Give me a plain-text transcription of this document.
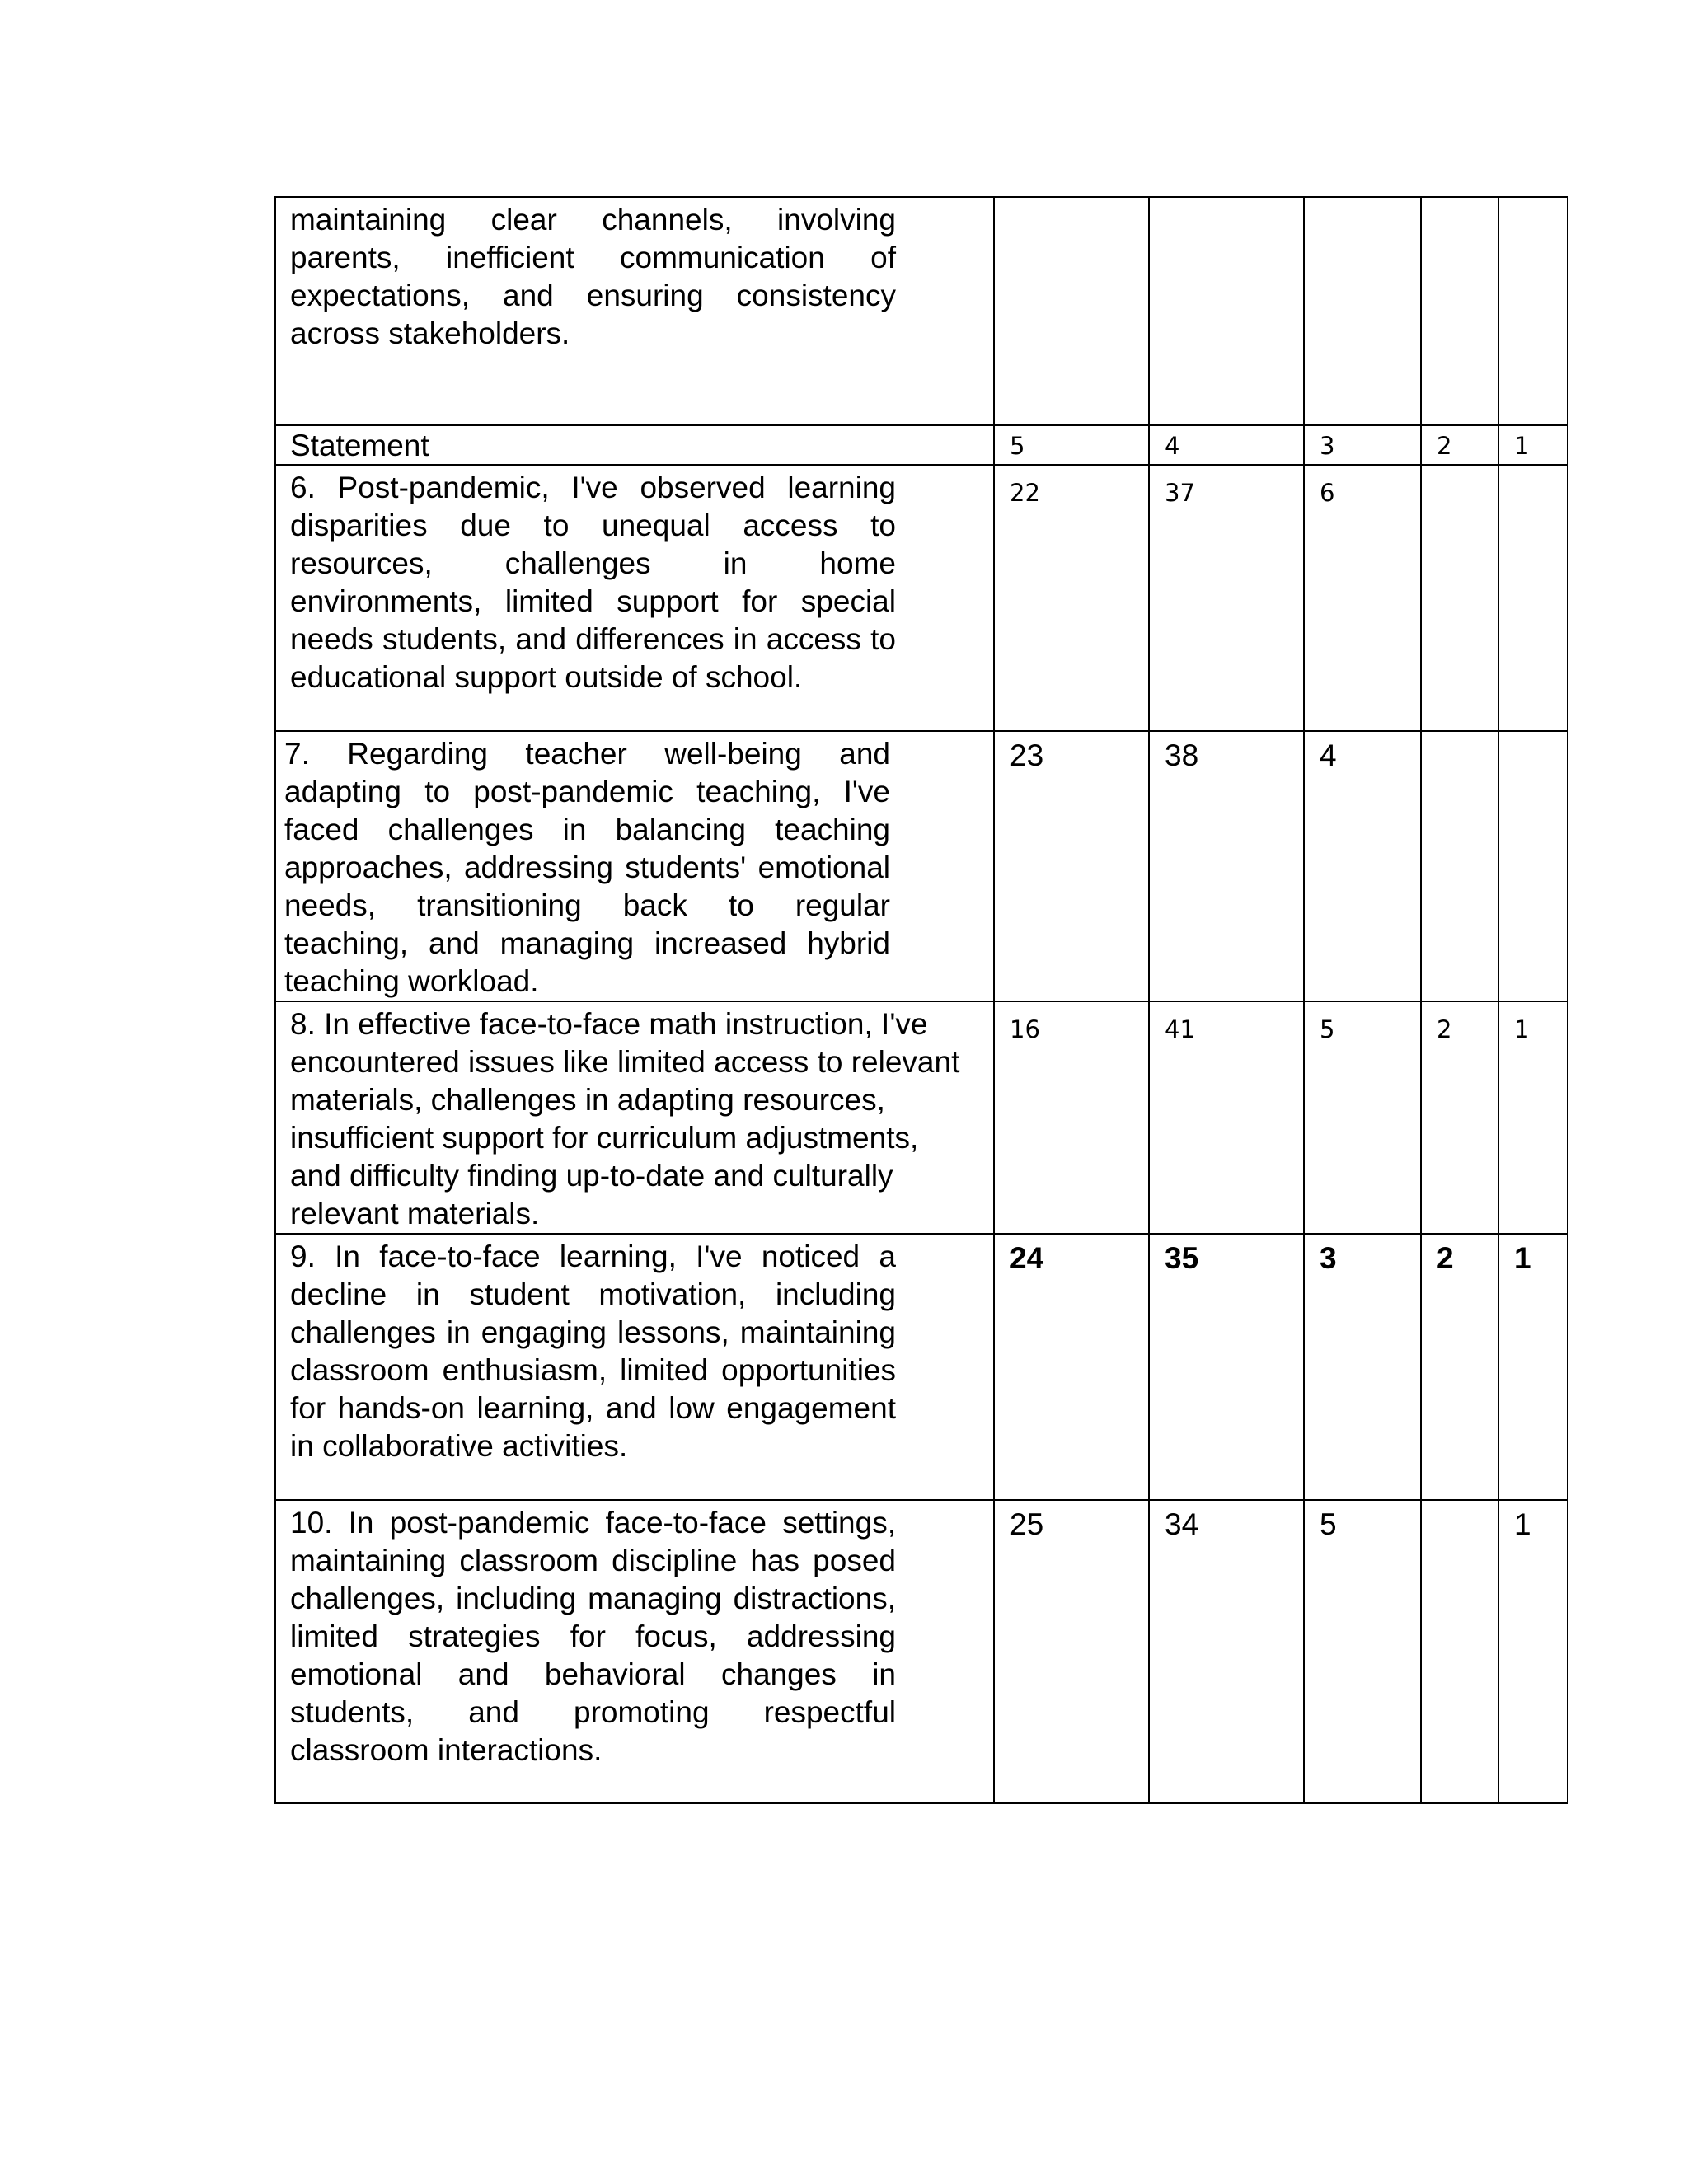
maintaining clear channels, involving parents, inefficient communication of expectations, and ensuring consistency across stakeholders.					

Statement	5	4	3	2	1

6. Post-pandemic, I've observed learning disparities due to unequal access to resources, challenges in home environments, limited support for special needs students, and differences in access to educational support outside of school.	22	37	6		

7. Regarding teacher well-being and adapting to post-pandemic teaching, I've faced challenges in balancing teaching approaches, addressing students' emotional needs, transitioning back to regular teaching, and managing increased hybrid teaching workload.	23	38	4		

8. In effective face-to-face math instruction, I've encountered issues like limited access to relevant materials, challenges in adapting resources, insufficient support for curriculum adjustments, and difficulty finding up-to-date and culturally relevant materials.	16	41	5	2	1

9. In face-to-face learning, I've noticed a decline in student motivation, including challenges in engaging lessons, maintaining classroom enthusiasm, limited opportunities for hands-on learning, and low engagement in collaborative activities.	24	35	3	2	1

10. In post-pandemic face-to-face settings, maintaining classroom discipline has posed challenges, including managing distractions, limited strategies for focus, addressing emotional and behavioral changes in students, and promoting respectful classroom interactions.	25	34	5		1
